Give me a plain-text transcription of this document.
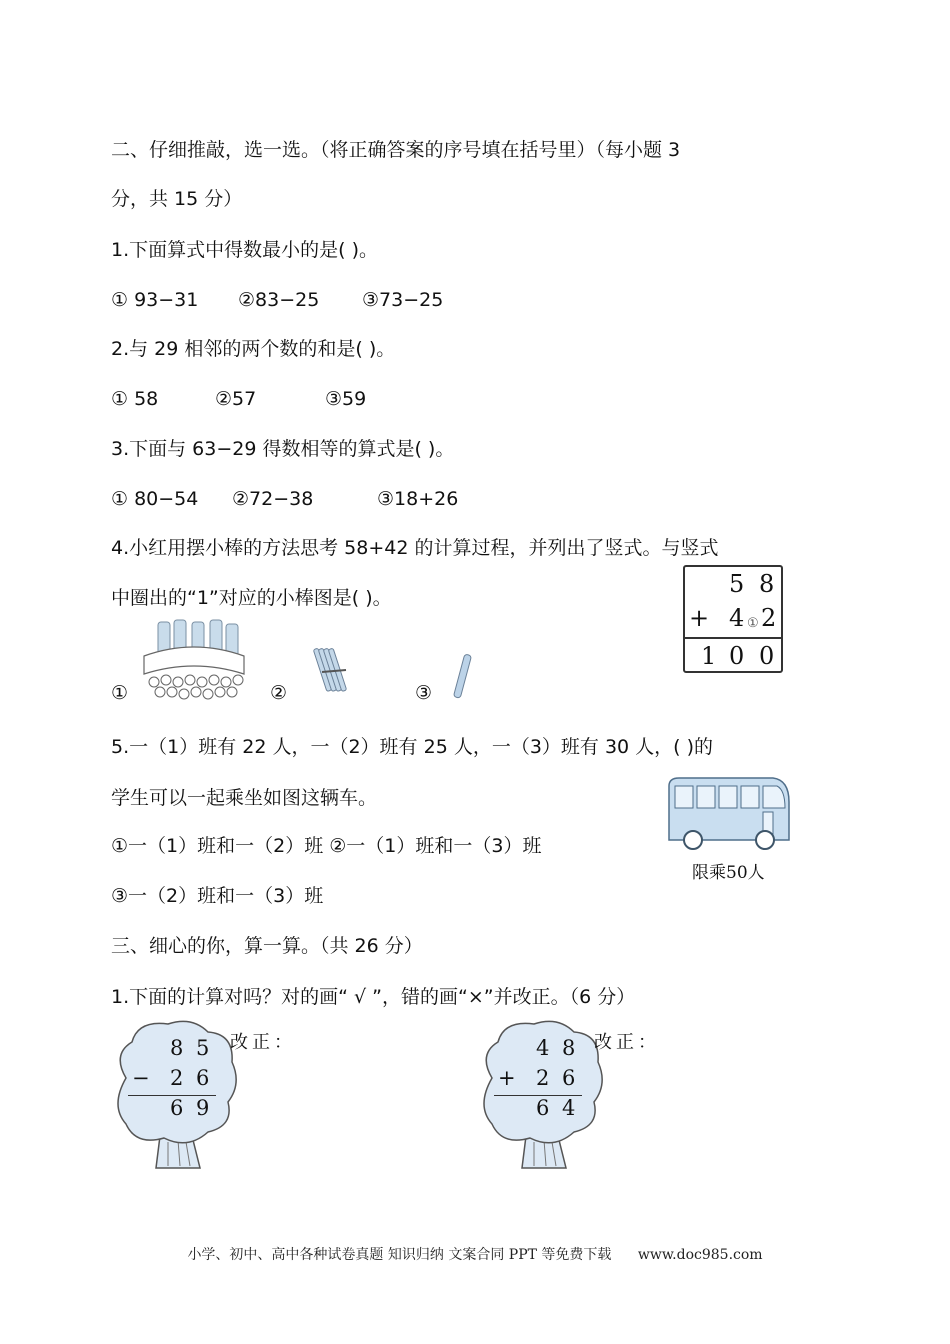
二、仔细推敲，选一选。（将正确答案的序号填在括号里）（每小题 3
分，共 15 分）
1.下面算式中得数最小的是( )。
① 93−31 ②83−25 ③73−25
2.与 29 相邻的两个数的和是( )。
① 58	②57	③59
3.下面与 63−29 得数相等的算式是( )。
① 80−54 ②72−38	③18+26
4.小红用摆小棒的方法思考 58+42 的计算过程，并列出了竖式。与竖式
中圈出的“1”对应的小棒图是( )。	5 8
+ 4 ① 2
1 0 0
①	②	③
5.一（1）班有 22 人，一（2）班有 25 人，一（3）班有 30 人，( )的
学生可以一起乘坐如图这辆车。
①一（1）班和一（2）班 ②一（1）班和一（3）班
③一（2）班和一（3）班
限乘50人
三、细心的你，算一算。（共 26 分）
1.下面的计算对吗？对的画“ √ ”，错的画“×”并改正。（6 分）
8 5
− 2 6
6 9
改正：	4 8
+ 2 6
6 4
改正：
小学、初中、高中各种试卷真题 知识归纳 文案合同 PPT 等免费下载 www.doc985.com
